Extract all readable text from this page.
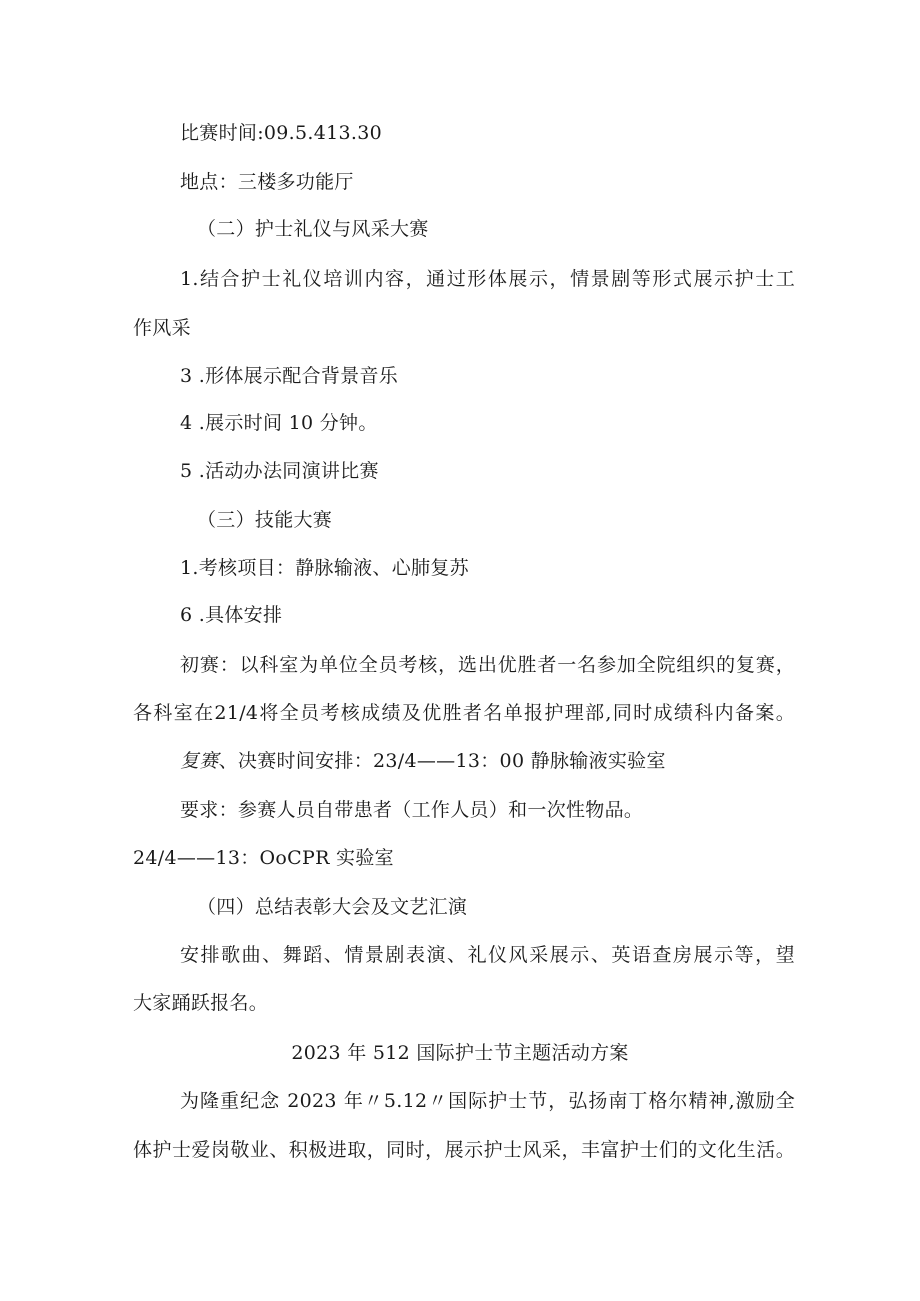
比赛时间:09.5.413.30

地点：三楼多功能厅

（二）护士礼仪与风采大赛

1.结合护士礼仪培训内容，通过形体展示，情景剧等形式展示护士工

作风采

3 .形体展示配合背景音乐

4 .展示时间 10 分钟。

5 .活动办法同演讲比赛

（三）技能大赛

1.考核项目：静脉输液、心肺复苏

6 .具体安排

初赛：以科室为单位全员考核，选出优胜者一名参加全院组织的复赛，

各科室在21/4将全员考核成绩及优胜者名单报护理部,同时成绩科内备案。

复赛、决赛时间安排：23/4——13：00 静脉输液实验室

要求：参赛人员自带患者（工作人员）和一次性物品。

24/4——13：OoCPR 实验室

（四）总结表彰大会及文艺汇演

安排歌曲、舞蹈、情景剧表演、礼仪风采展示、英语查房展示等，望

大家踊跃报名。

2023 年 512 国际护士节主题活动方案

为隆重纪念 2023 年〃5.12〃国际护士节，弘扬南丁格尔精神,激励全

体护士爱岗敬业、积极进取，同时，展示护士风采，丰富护士们的文化生活。
